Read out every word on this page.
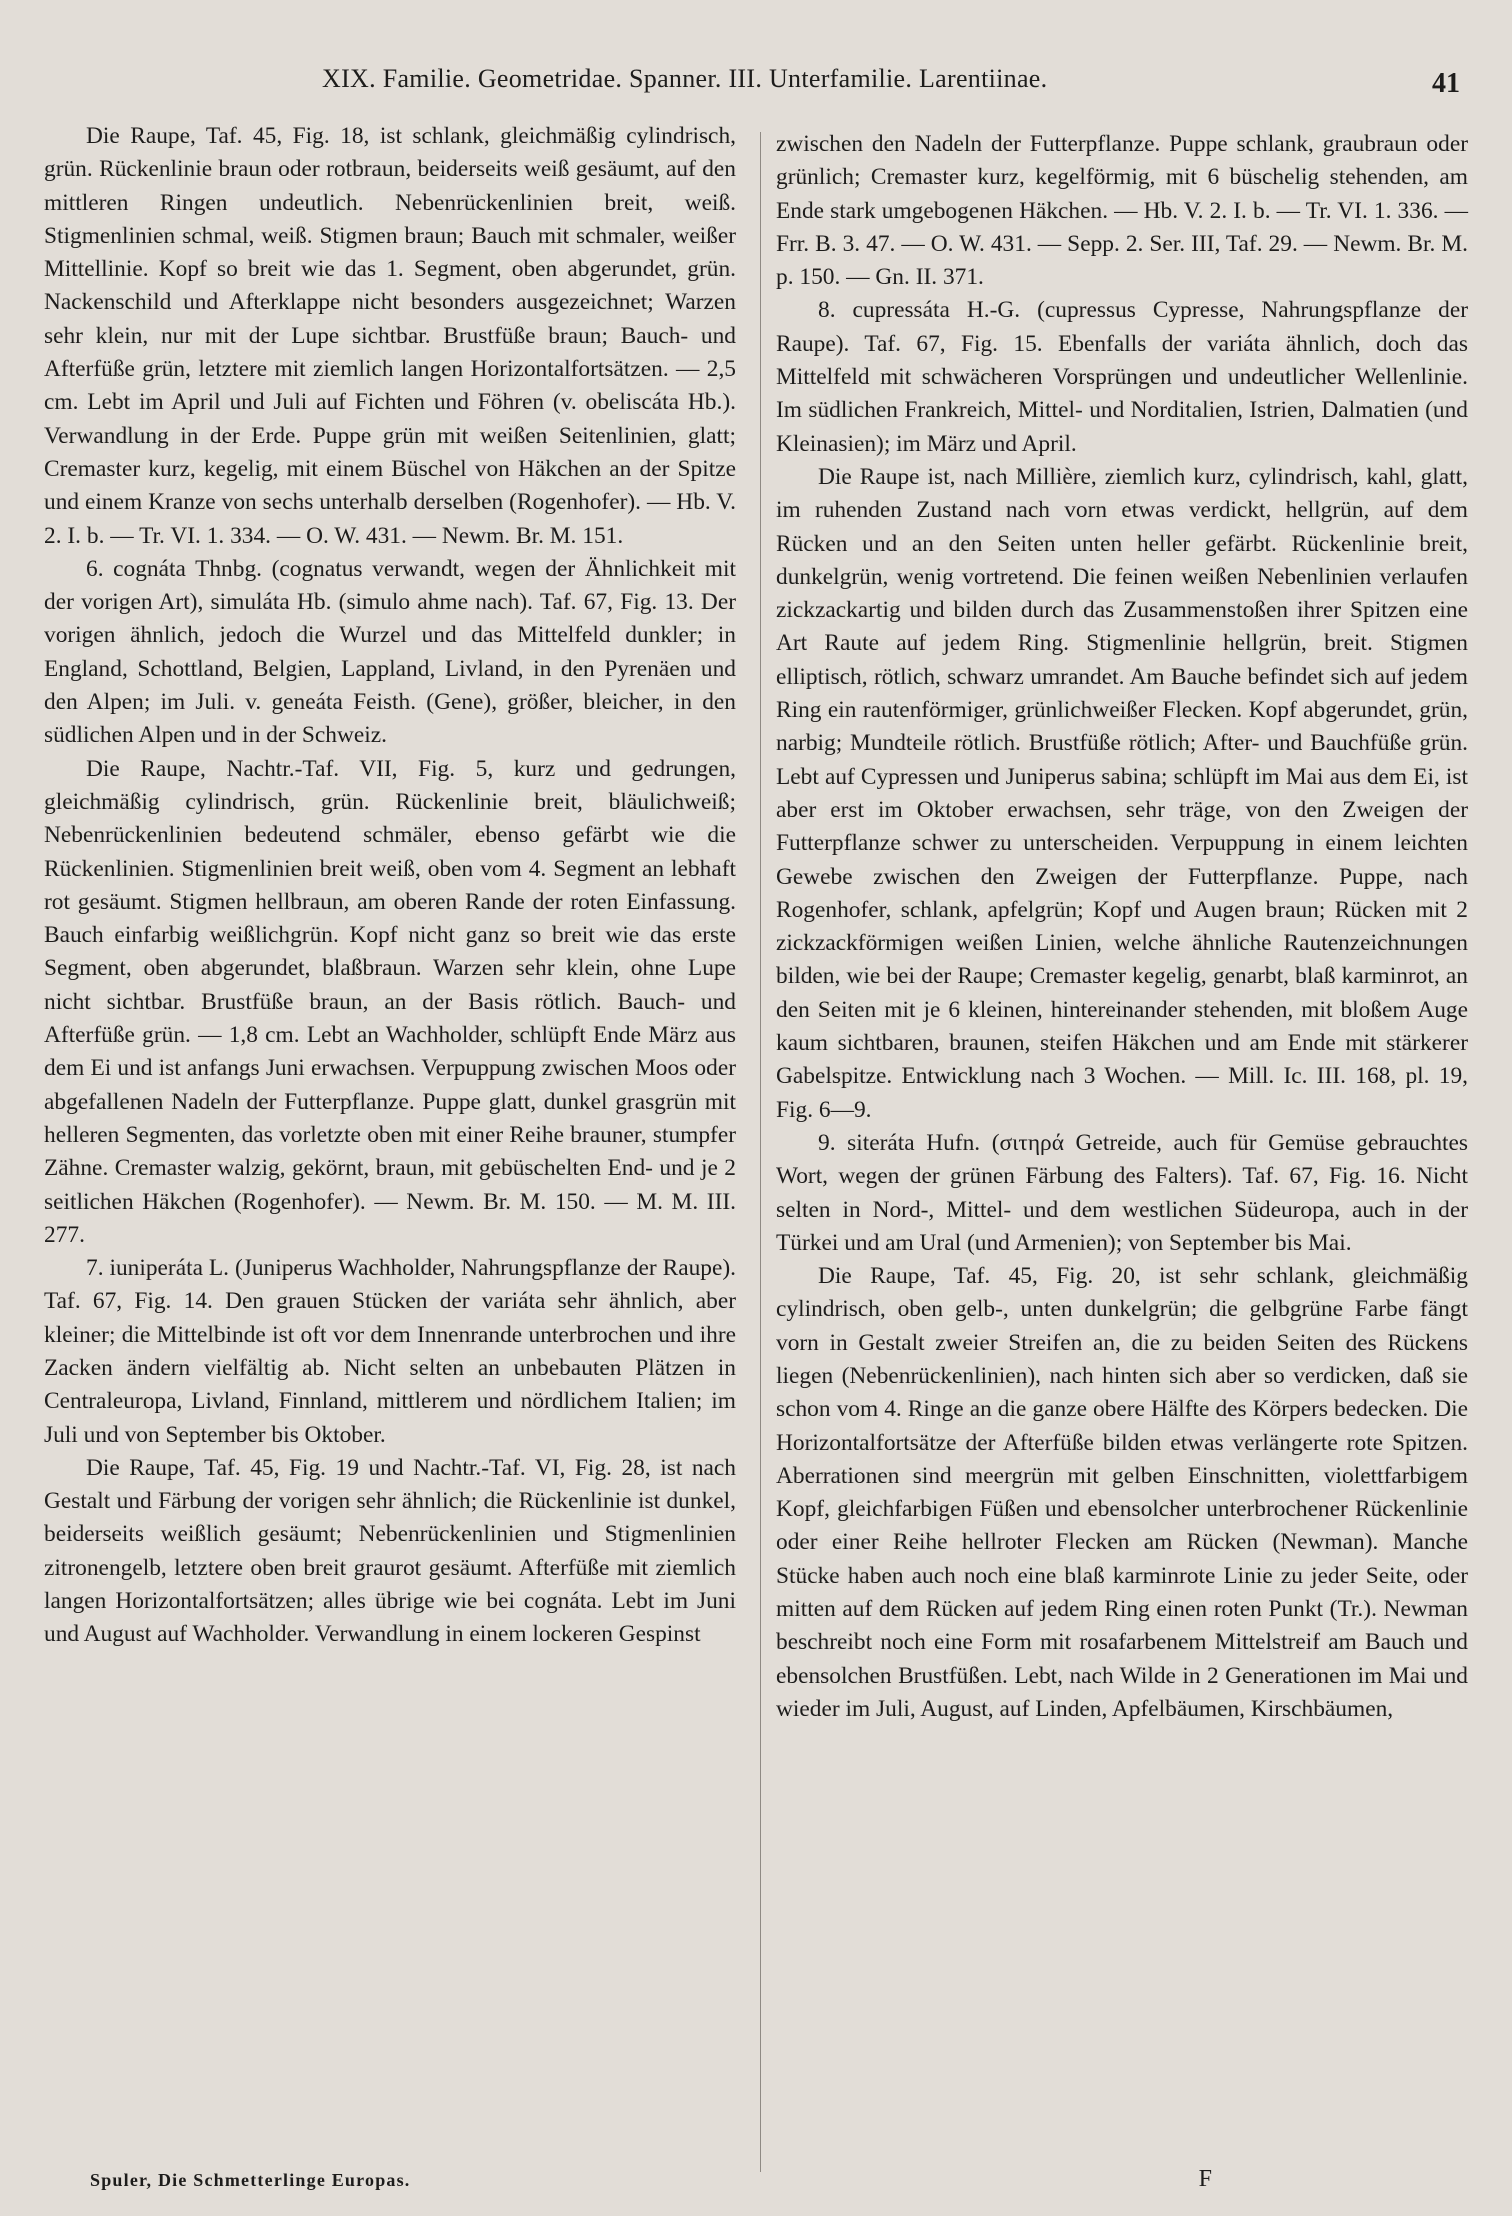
XIX. Familie. Geometridae. Spanner. III. Unterfamilie. Larentiinae.	41

Die Raupe, Taf. 45, Fig. 18, ist schlank, gleichmäßig cylindrisch, grün. Rückenlinie braun oder rotbraun, beiderseits weiß gesäumt, auf den mittleren Ringen undeutlich. Nebenrückenlinien breit, weiß. Stigmenlinien schmal, weiß. Stigmen braun; Bauch mit schmaler, weißer Mittellinie. Kopf so breit wie das 1. Segment, oben abgerundet, grün. Nackenschild und Afterklappe nicht besonders ausgezeichnet; Warzen sehr klein, nur mit der Lupe sichtbar. Brustfüße braun; Bauch- und Afterfüße grün, letztere mit ziemlich langen Horizontalfortsätzen. — 2,5 cm. Lebt im April und Juli auf Fichten und Föhren (v. obeliscáta Hb.). Verwandlung in der Erde. Puppe grün mit weißen Seitenlinien, glatt; Cremaster kurz, kegelig, mit einem Büschel von Häkchen an der Spitze und einem Kranze von sechs unterhalb derselben (Rogenhofer). — Hb. V. 2. I. b. — Tr. VI. 1. 334. — O. W. 431. — Newm. Br. M. 151.

6. cognáta Thnbg. (cognatus verwandt, wegen der Ähnlichkeit mit der vorigen Art), simuláta Hb. (simulo ahme nach). Taf. 67, Fig. 13. Der vorigen ähnlich, jedoch die Wurzel und das Mittelfeld dunkler; in England, Schottland, Belgien, Lappland, Livland, in den Pyrenäen und den Alpen; im Juli. v. geneáta Feisth. (Gene), größer, bleicher, in den südlichen Alpen und in der Schweiz.

Die Raupe, Nachtr.-Taf. VII, Fig. 5, kurz und gedrungen, gleichmäßig cylindrisch, grün. Rückenlinie breit, bläulichweiß; Nebenrückenlinien bedeutend schmäler, ebenso gefärbt wie die Rückenlinien. Stigmenlinien breit weiß, oben vom 4. Segment an lebhaft rot gesäumt. Stigmen hellbraun, am oberen Rande der roten Einfassung. Bauch einfarbig weißlichgrün. Kopf nicht ganz so breit wie das erste Segment, oben abgerundet, blaßbraun. Warzen sehr klein, ohne Lupe nicht sichtbar. Brustfüße braun, an der Basis rötlich. Bauch- und Afterfüße grün. — 1,8 cm. Lebt an Wachholder, schlüpft Ende März aus dem Ei und ist anfangs Juni erwachsen. Verpuppung zwischen Moos oder abgefallenen Nadeln der Futterpflanze. Puppe glatt, dunkel grasgrün mit helleren Segmenten, das vorletzte oben mit einer Reihe brauner, stumpfer Zähne. Cremaster walzig, gekörnt, braun, mit gebüschelten End- und je 2 seitlichen Häkchen (Rogenhofer). — Newm. Br. M. 150. — M. M. III. 277.

7. iuniperáta L. (Juniperus Wachholder, Nahrungspflanze der Raupe). Taf. 67, Fig. 14. Den grauen Stücken der variáta sehr ähnlich, aber kleiner; die Mittelbinde ist oft vor dem Innenrande unterbrochen und ihre Zacken ändern vielfältig ab. Nicht selten an unbebauten Plätzen in Centraleuropa, Livland, Finnland, mittlerem und nördlichem Italien; im Juli und von September bis Oktober.

Die Raupe, Taf. 45, Fig. 19 und Nachtr.-Taf. VI, Fig. 28, ist nach Gestalt und Färbung der vorigen sehr ähnlich; die Rückenlinie ist dunkel, beiderseits weißlich gesäumt; Nebenrückenlinien und Stigmenlinien zitronengelb, letztere oben breit graurot gesäumt. Afterfüße mit ziemlich langen Horizontalfortsätzen; alles übrige wie bei cognáta. Lebt im Juni und August auf Wachholder. Verwandlung in einem lockeren Gespinst

zwischen den Nadeln der Futterpflanze. Puppe schlank, graubraun oder grünlich; Cremaster kurz, kegelförmig, mit 6 büschelig stehenden, am Ende stark umgebogenen Häkchen. — Hb. V. 2. I. b. — Tr. VI. 1. 336. — Frr. B. 3. 47. — O. W. 431. — Sepp. 2. Ser. III, Taf. 29. — Newm. Br. M. p. 150. — Gn. II. 371.

8. cupressáta H.-G. (cupressus Cypresse, Nahrungspflanze der Raupe). Taf. 67, Fig. 15. Ebenfalls der variáta ähnlich, doch das Mittelfeld mit schwächeren Vorsprüngen und undeutlicher Wellenlinie. Im südlichen Frankreich, Mittel- und Norditalien, Istrien, Dalmatien (und Kleinasien); im März und April.

Die Raupe ist, nach Millière, ziemlich kurz, cylindrisch, kahl, glatt, im ruhenden Zustand nach vorn etwas verdickt, hellgrün, auf dem Rücken und an den Seiten unten heller gefärbt. Rückenlinie breit, dunkelgrün, wenig vortretend. Die feinen weißen Nebenlinien verlaufen zickzackartig und bilden durch das Zusammenstoßen ihrer Spitzen eine Art Raute auf jedem Ring. Stigmenlinie hellgrün, breit. Stigmen elliptisch, rötlich, schwarz umrandet. Am Bauche befindet sich auf jedem Ring ein rautenförmiger, grünlichweißer Flecken. Kopf abgerundet, grün, narbig; Mundteile rötlich. Brustfüße rötlich; After- und Bauchfüße grün. Lebt auf Cypressen und Juniperus sabina; schlüpft im Mai aus dem Ei, ist aber erst im Oktober erwachsen, sehr träge, von den Zweigen der Futterpflanze schwer zu unterscheiden. Verpuppung in einem leichten Gewebe zwischen den Zweigen der Futterpflanze. Puppe, nach Rogenhofer, schlank, apfelgrün; Kopf und Augen braun; Rücken mit 2 zickzackförmigen weißen Linien, welche ähnliche Rautenzeichnungen bilden, wie bei der Raupe; Cremaster kegelig, genarbt, blaß karminrot, an den Seiten mit je 6 kleinen, hintereinander stehenden, mit bloßem Auge kaum sichtbaren, braunen, steifen Häkchen und am Ende mit stärkerer Gabelspitze. Entwicklung nach 3 Wochen. — Mill. Ic. III. 168, pl. 19, Fig. 6—9.

9. siteráta Hufn. (σιτηρά Getreide, auch für Gemüse gebrauchtes Wort, wegen der grünen Färbung des Falters). Taf. 67, Fig. 16. Nicht selten in Nord-, Mittel- und dem westlichen Südeuropa, auch in der Türkei und am Ural (und Armenien); von September bis Mai.

Die Raupe, Taf. 45, Fig. 20, ist sehr schlank, gleichmäßig cylindrisch, oben gelb-, unten dunkelgrün; die gelbgrüne Farbe fängt vorn in Gestalt zweier Streifen an, die zu beiden Seiten des Rückens liegen (Nebenrückenlinien), nach hinten sich aber so verdicken, daß sie schon vom 4. Ringe an die ganze obere Hälfte des Körpers bedecken. Die Horizontalfortsätze der Afterfüße bilden etwas verlängerte rote Spitzen. Aberrationen sind meergrün mit gelben Einschnitten, violettfarbigem Kopf, gleichfarbigen Füßen und ebensolcher unterbrochener Rückenlinie oder einer Reihe hellroter Flecken am Rücken (Newman). Manche Stücke haben auch noch eine blaß karminrote Linie zu jeder Seite, oder mitten auf dem Rücken auf jedem Ring einen roten Punkt (Tr.). Newman beschreibt noch eine Form mit rosafarbenem Mittelstreif am Bauch und ebensolchen Brustfüßen. Lebt, nach Wilde in 2 Generationen im Mai und wieder im Juli, August, auf Linden, Apfelbäumen, Kirschbäumen,

Spuler, Die Schmetterlinge Europas.	F
